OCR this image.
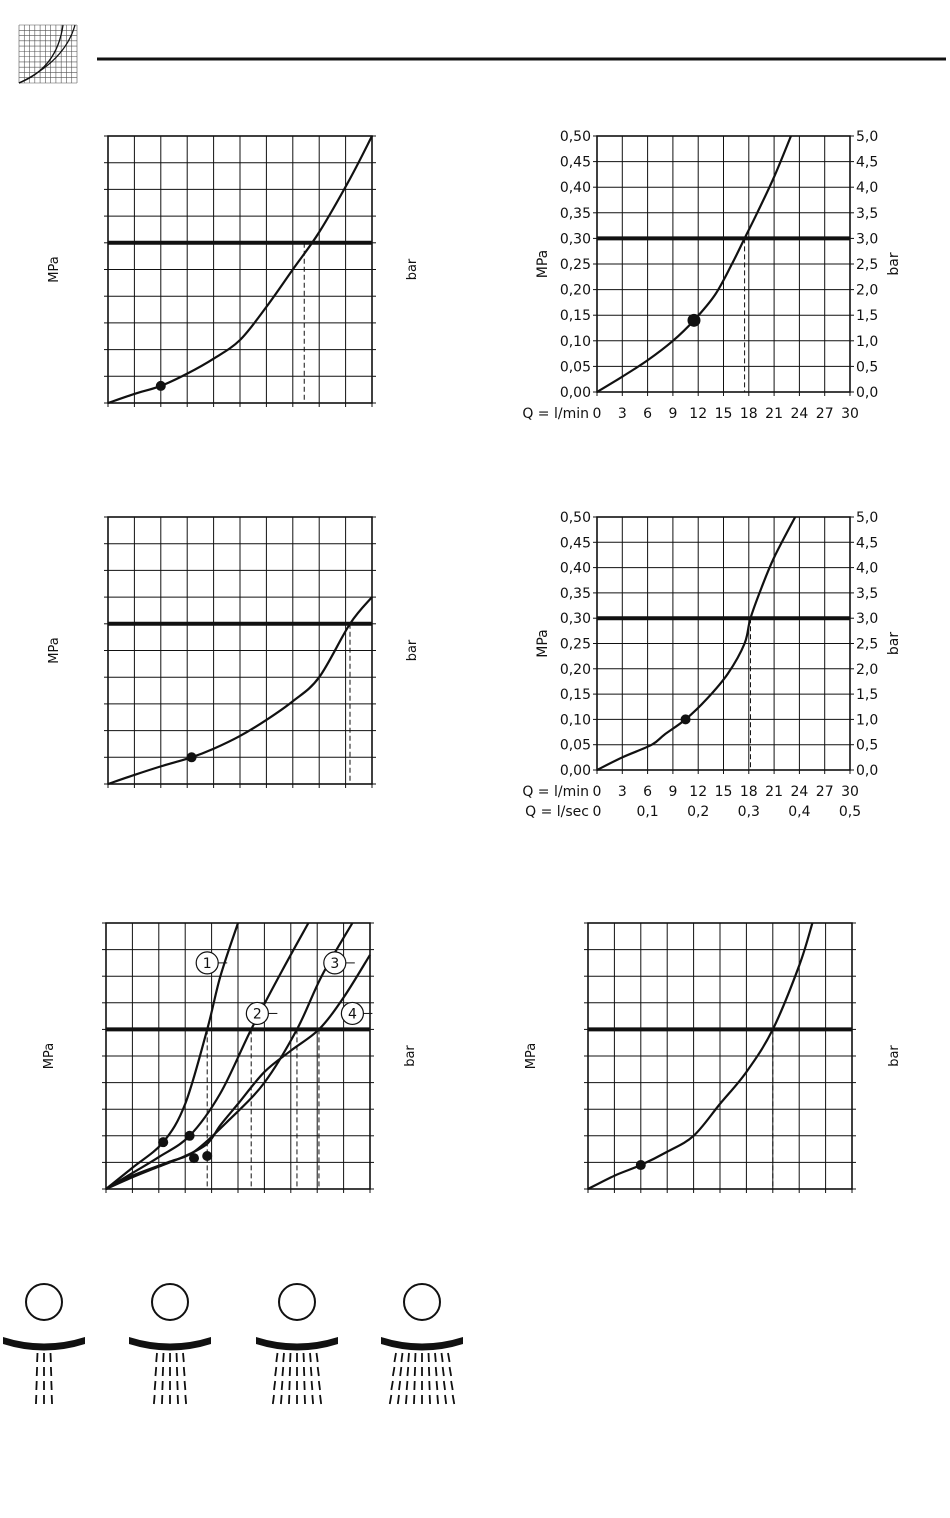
MPa	bar
0,00
0,05
0,10
0,15
0,20
0,25
0,30
0,35
0,40
0,45
0,50
0,0
0,5
1,0
1,5
2,0
2,5
3,0
3,5
4,0
4,5
5,0
0 3 6 9 12 15 18 21 24 27 30
Q = l/min
MPa	bar
MPa	bar
0,00
0,05
0,10
0,15
0,20
0,25
0,30
0,35
0,40
0,45
0,50
0,0
0,5
1,0
1,5
2,0
2,5
3,0
3,5
4,0
4,5
5,0
0 3 6 9 12 15 18 21 24 27 30
Q = l/min
0	0,1 0,2 0,3 0,4 0,5
Q = l/sec
MPa	bar
1
2
3
4
MPa	bar	MPa	bar
